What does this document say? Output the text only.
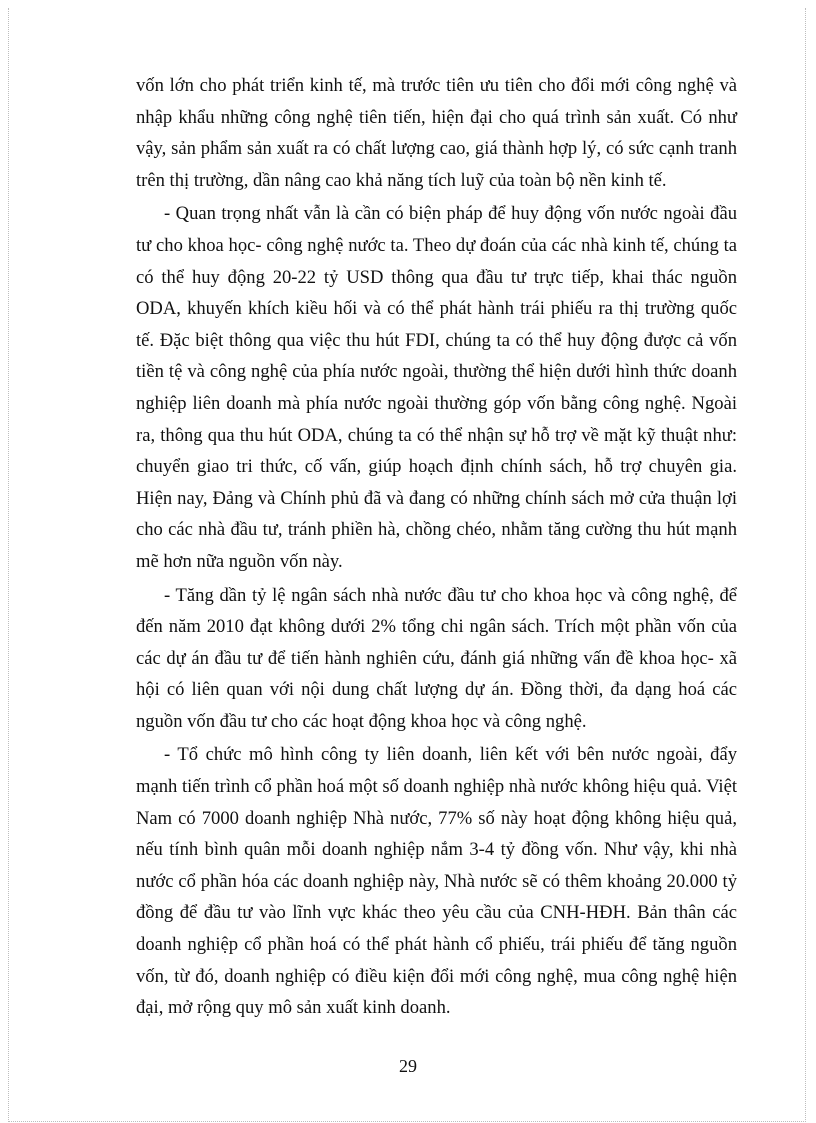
vốn lớn cho phát triển kinh tế, mà trước tiên ưu tiên cho đổi mới công nghệ và nhập khẩu những công nghệ tiên tiến, hiện đại cho quá trình sản xuất. Có như vậy, sản phẩm sản xuất ra có chất lượng cao, giá thành hợp lý, có sức cạnh tranh trên thị trường, dần nâng cao khả năng tích luỹ của toàn bộ nền kinh tế.

- Quan trọng nhất vẫn là cần có biện pháp để huy động vốn nước ngoài đầu tư cho khoa học- công nghệ nước ta. Theo dự đoán của các nhà kinh tế, chúng ta có thể huy động 20-22 tỷ USD thông qua đầu tư trực tiếp, khai thác nguồn ODA, khuyến khích kiều hối và có thể phát hành trái phiếu ra thị trường quốc tế. Đặc biệt thông qua việc thu hút FDI, chúng ta có thể huy động được cả vốn tiền tệ và công nghệ của phía nước ngoài, thường thể hiện dưới hình thức doanh nghiệp liên doanh mà phía nước ngoài thường góp vốn bằng công nghệ. Ngoài ra, thông qua thu hút ODA, chúng ta có thể nhận sự hỗ trợ về mặt kỹ thuật như: chuyển giao tri thức, cố vấn, giúp hoạch định chính sách, hỗ trợ chuyên gia. Hiện nay, Đảng và Chính phủ đã và đang có những chính sách mở cửa thuận lợi cho các nhà đầu tư, tránh phiền hà, chồng chéo, nhằm tăng cường thu hút mạnh mẽ hơn nữa nguồn vốn này.

- Tăng dần tỷ lệ ngân sách nhà nước đầu tư cho khoa học và công nghệ, để đến năm 2010 đạt không dưới 2% tổng chi ngân sách. Trích một phần vốn của các dự án đầu tư để tiến hành nghiên cứu, đánh giá những vấn đề khoa học- xã hội có liên quan với nội dung chất lượng dự án. Đồng thời, đa dạng hoá các nguồn vốn đầu tư cho các hoạt động khoa học và công nghệ.

- Tổ chức mô hình công ty liên doanh, liên kết với bên nước ngoài, đẩy mạnh tiến trình cổ phần hoá một số doanh nghiệp nhà nước không hiệu quả. Việt Nam có 7000 doanh nghiệp Nhà nước, 77% số này hoạt động không hiệu quả, nếu tính bình quân mỗi doanh nghiệp nắm 3-4 tỷ đồng vốn. Như vậy, khi nhà nước cổ phần hóa các doanh nghiệp này, Nhà nước sẽ có thêm khoảng 20.000 tỷ đồng để đầu tư vào lĩnh vực khác theo yêu cầu của CNH-HĐH. Bản thân các doanh nghiệp cổ phần hoá có thể phát hành cổ phiếu, trái phiếu để tăng nguồn vốn, từ đó, doanh nghiệp có điều kiện đổi mới công nghệ, mua công nghệ hiện đại, mở rộng quy mô sản xuất kinh doanh.

29
